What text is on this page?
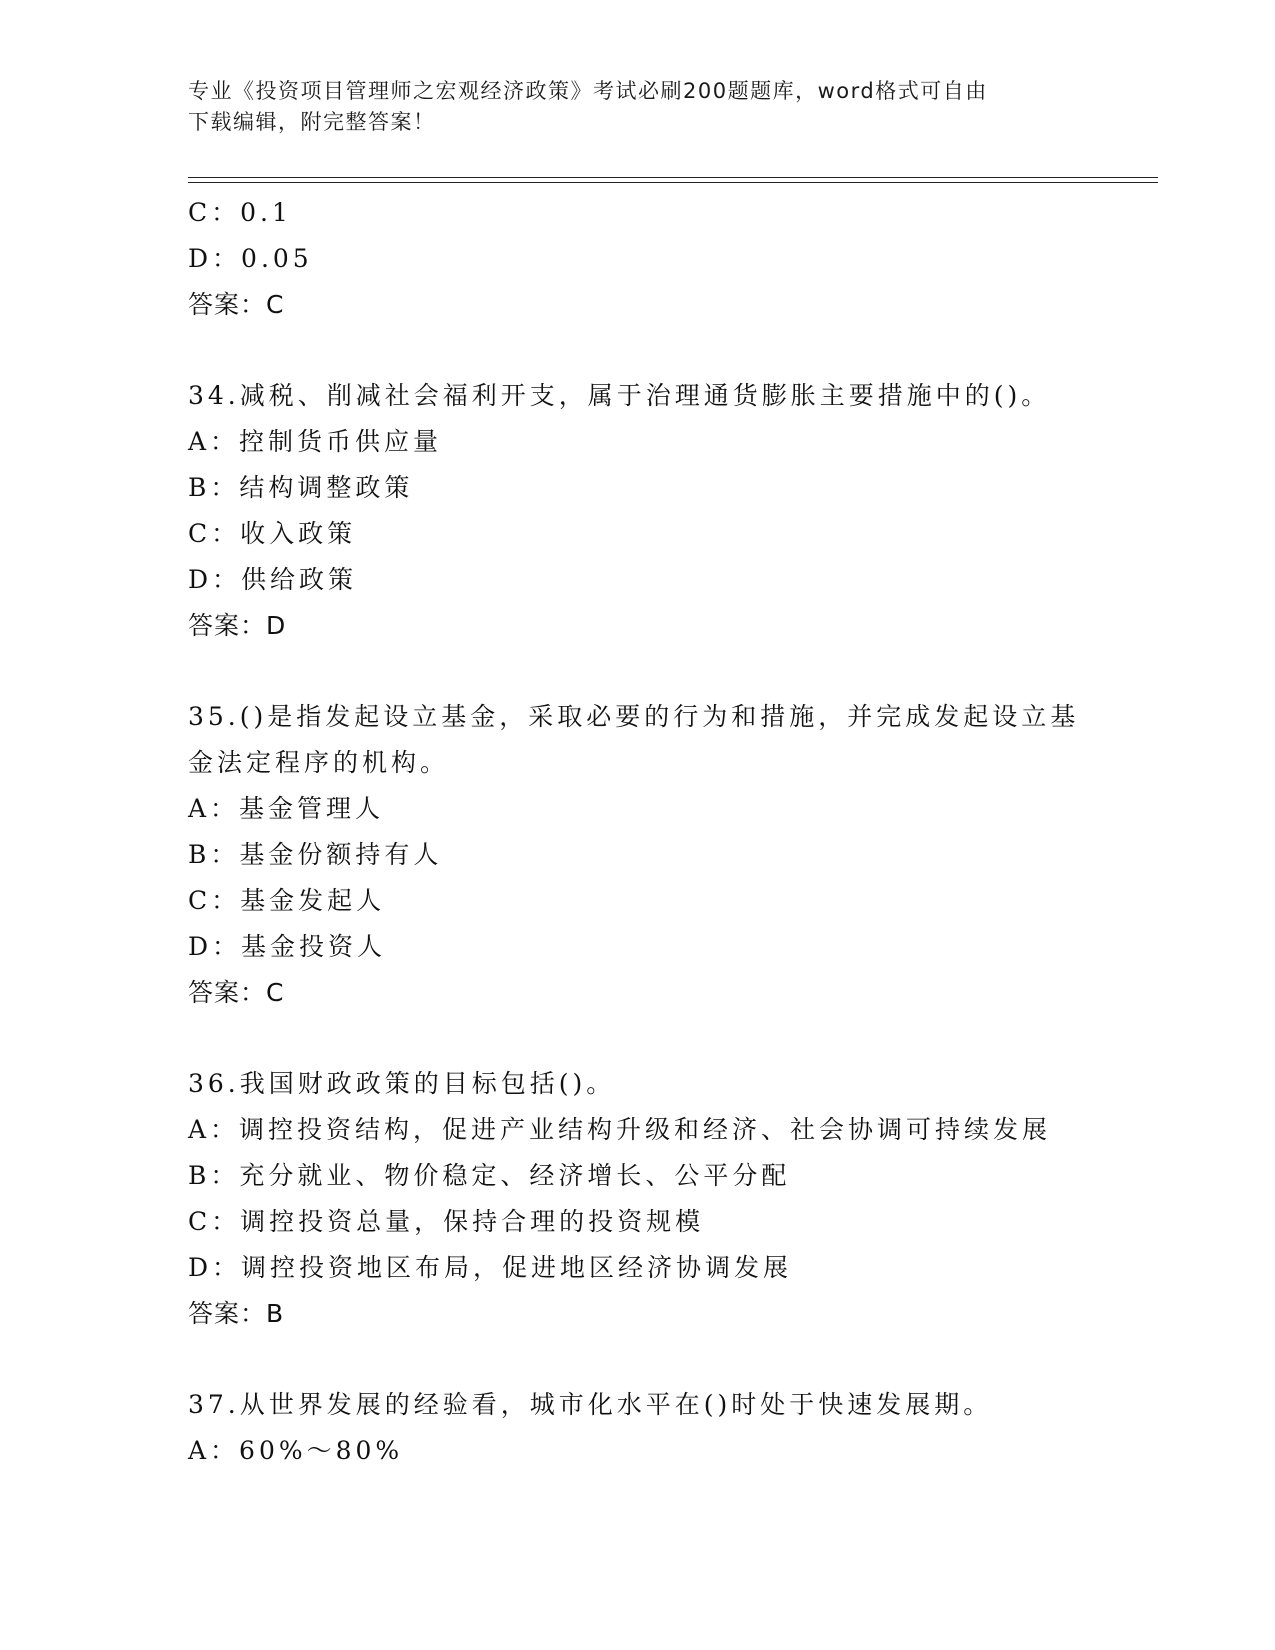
专业《投资项目管理师之宏观经济政策》考试必刷200题题库，word格式可自由
下载编辑，附完整答案！
C：0.1
D：0.05
答案：C
34.减税、削减社会福利开支，属于治理通货膨胀主要措施中的()。
A：控制货币供应量
B：结构调整政策
C：收入政策
D：供给政策
答案：D
35.()是指发起设立基金，采取必要的行为和措施，并完成发起设立基
金法定程序的机构。
A：基金管理人
B：基金份额持有人
C：基金发起人
D：基金投资人
答案：C
36.我国财政政策的目标包括()。
A：调控投资结构，促进产业结构升级和经济、社会协调可持续发展
B：充分就业、物价稳定、经济增长、公平分配
C：调控投资总量，保持合理的投资规模
D：调控投资地区布局，促进地区经济协调发展
答案：B
37.从世界发展的经验看，城市化水平在()时处于快速发展期。
A：60%～80%
